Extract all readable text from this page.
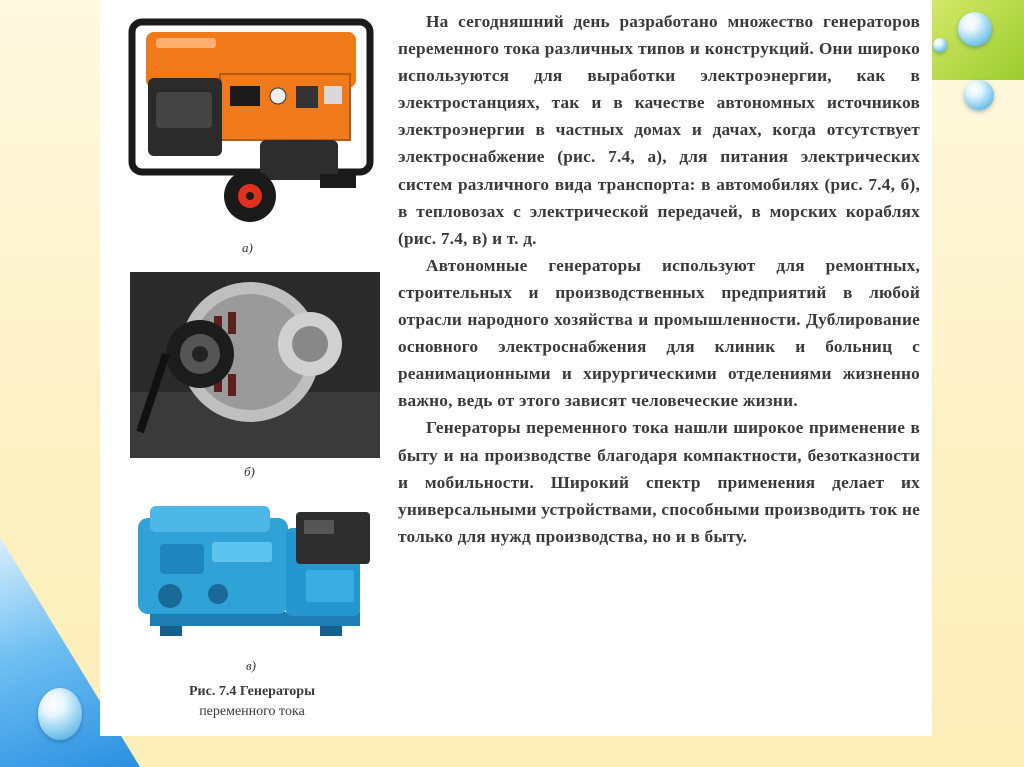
а)
б)
в)
Рис. 7.4 Генераторы
переменного тока

На сегодняшний день разработано множество генераторов переменного тока различных типов и конструкций. Они широко используются для выработки электроэнергии, как в электростанциях, так и в качестве автономных источников электроэнергии в частных домах и дачах, когда отсутствует электроснабжение (рис. 7.4, а), для питания электрических систем различного вида транспорта: в автомобилях (рис. 7.4, б), в тепловозах с электрической передачей, в морских кораблях (рис. 7.4, в) и т. д.

Автономные генераторы используют для ремонтных, строительных и производственных предприятий в любой отрасли народного хозяйства и промышленности. Дублирование основного электроснабжения для клиник и больниц с реанимационными и хирургическими отделениями жизненно важно, ведь от этого зависят человеческие жизни.

Генераторы переменного тока нашли широкое применение в быту и на производстве благодаря компактности, безотказности и мобильности. Широкий спектр применения делает их универсальными устройствами, способными производить ток не только для нужд производства, но и в быту.
